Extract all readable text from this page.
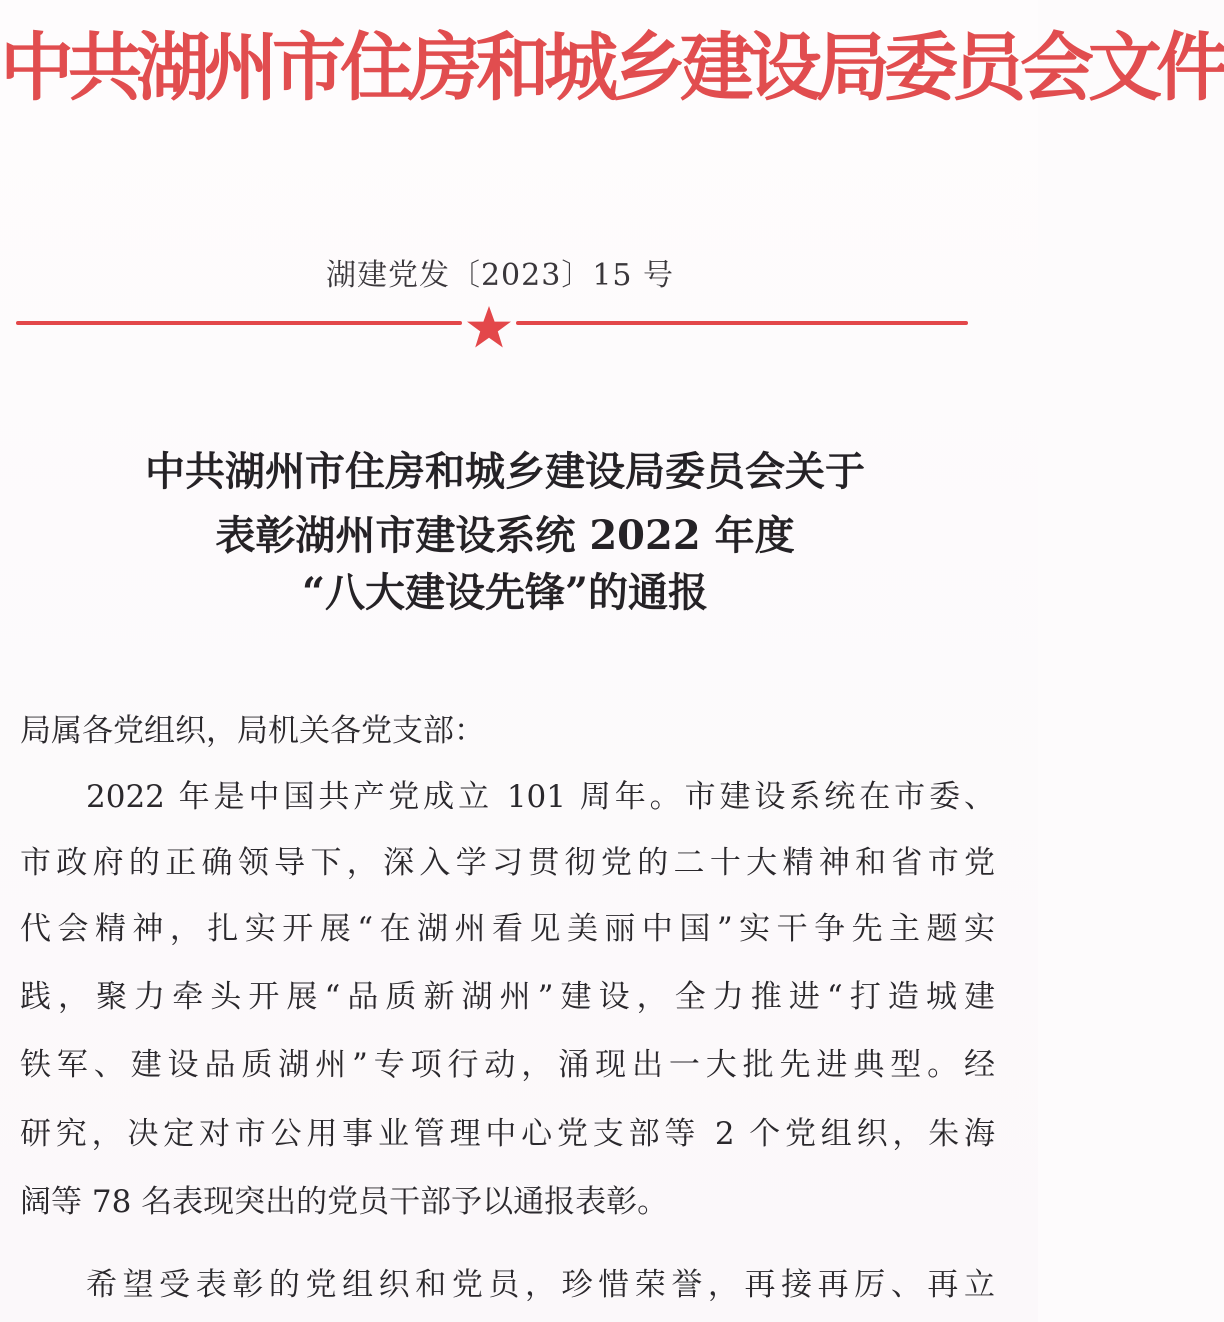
中共湖州市住房和城乡建设局委员会文件
湖建党发〔2023〕15 号
中共湖州市住房和城乡建设局委员会关于
表彰湖州市建设系统 2022 年度
“八大建设先锋”的通报
局属各党组织，局机关各党支部：
2022 年是中国共产党成立 101 周年。市建设系统在市委、
市政府的正确领导下，深入学习贯彻党的二十大精神和省市党
代会精神，扎实开展“在湖州看见美丽中国”实干争先主题实
践，聚力牵头开展“品质新湖州”建设，全力推进“打造城建
铁军、建设品质湖州”专项行动，涌现出一大批先进典型。经
研究，决定对市公用事业管理中心党支部等 2 个党组织，朱海
阔等 78 名表现突出的党员干部予以通报表彰。
希望受表彰的党组织和党员，珍惜荣誉，再接再厉、再立
